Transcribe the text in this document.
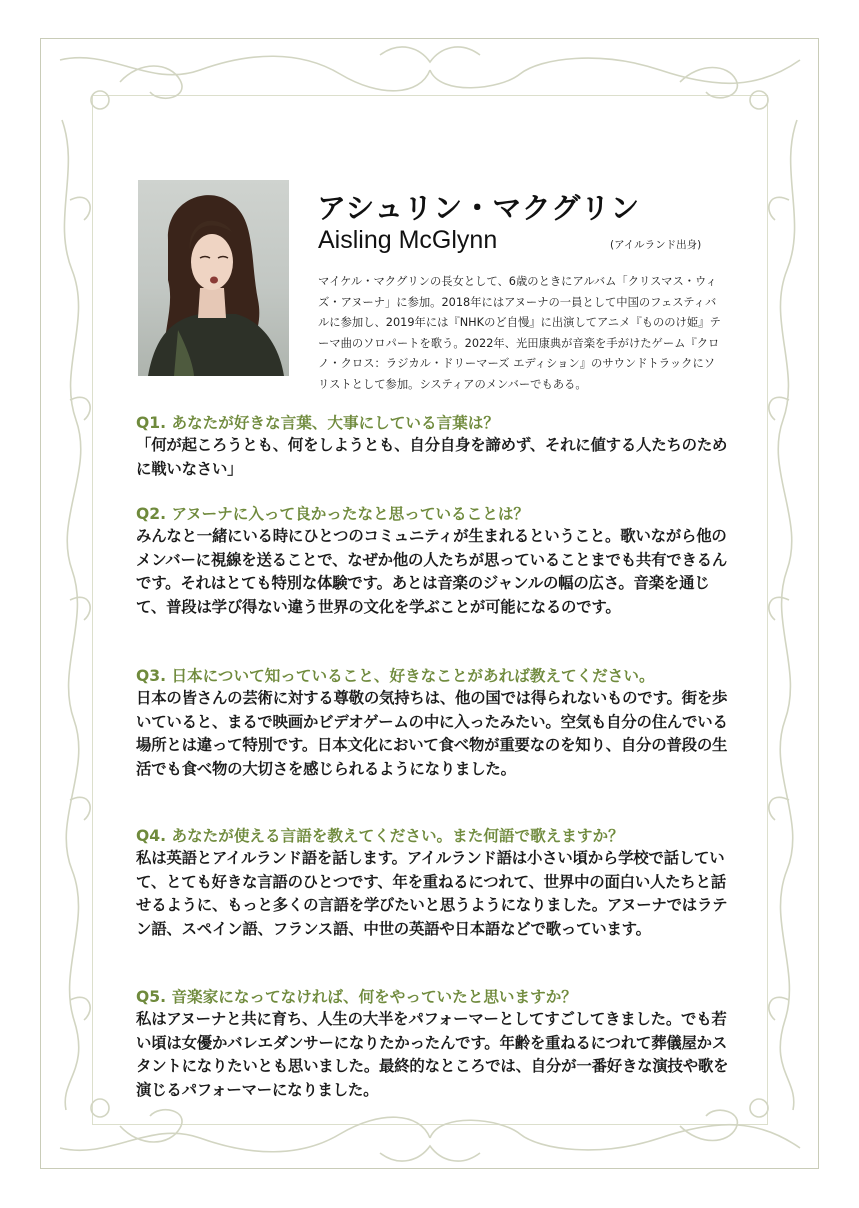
アシュリン・マクグリン
Aisling McGlynn	(アイルランド出身)
マイケル・マクグリンの長女として、6歳のときにアルバム「クリスマス・ウィズ・アヌーナ」に参加。2018年にはアヌーナの一員として中国のフェスティバルに参加し、2019年には『NHKのど自慢』に出演してアニメ『もののけ姫』テーマ曲のソロパートを歌う。2022年、光田康典が音楽を手がけたゲーム『クロノ・クロス：ラジカル・ドリーマーズ エディション』のサウンドトラックにソリストとして参加。システィアのメンバーでもある。
Q1. あなたが好きな言葉、大事にしている言葉は？
「何が起ころうとも、何をしようとも、自分自身を諦めず、それに値する人たちのために戦いなさい」
Q2. アヌーナに入って良かったなと思っていることは？
みんなと一緒にいる時にひとつのコミュニティが生まれるということ。歌いながら他のメンバーに視線を送ることで、なぜか他の人たちが思っていることまでも共有できるんです。それはとても特別な体験です。あとは音楽のジャンルの幅の広さ。音楽を通じて、普段は学び得ない違う世界の文化を学ぶことが可能になるのです。
Q3. 日本について知っていること、好きなことがあれば教えてください。
日本の皆さんの芸術に対する尊敬の気持ちは、他の国では得られないものです。街を歩いていると、まるで映画かビデオゲームの中に入ったみたい。空気も自分の住んでいる場所とは違って特別です。日本文化において食べ物が重要なのを知り、自分の普段の生活でも食べ物の大切さを感じられるようになりました。
Q4. あなたが使える言語を教えてください。また何語で歌えますか？
私は英語とアイルランド語を話します。アイルランド語は小さい頃から学校で話していて、とても好きな言語のひとつです、年を重ねるにつれて、世界中の面白い人たちと話せるように、もっと多くの言語を学びたいと思うようになりました。アヌーナではラテン語、スペイン語、フランス語、中世の英語や日本語などで歌っています。
Q5. 音楽家になってなければ、何をやっていたと思いますか？
私はアヌーナと共に育ち、人生の大半をパフォーマーとしてすごしてきました。でも若い頃は女優かバレエダンサーになりたかったんです。年齢を重ねるにつれて葬儀屋かスタントになりたいとも思いました。最終的なところでは、自分が一番好きな演技や歌を演じるパフォーマーになりました。
